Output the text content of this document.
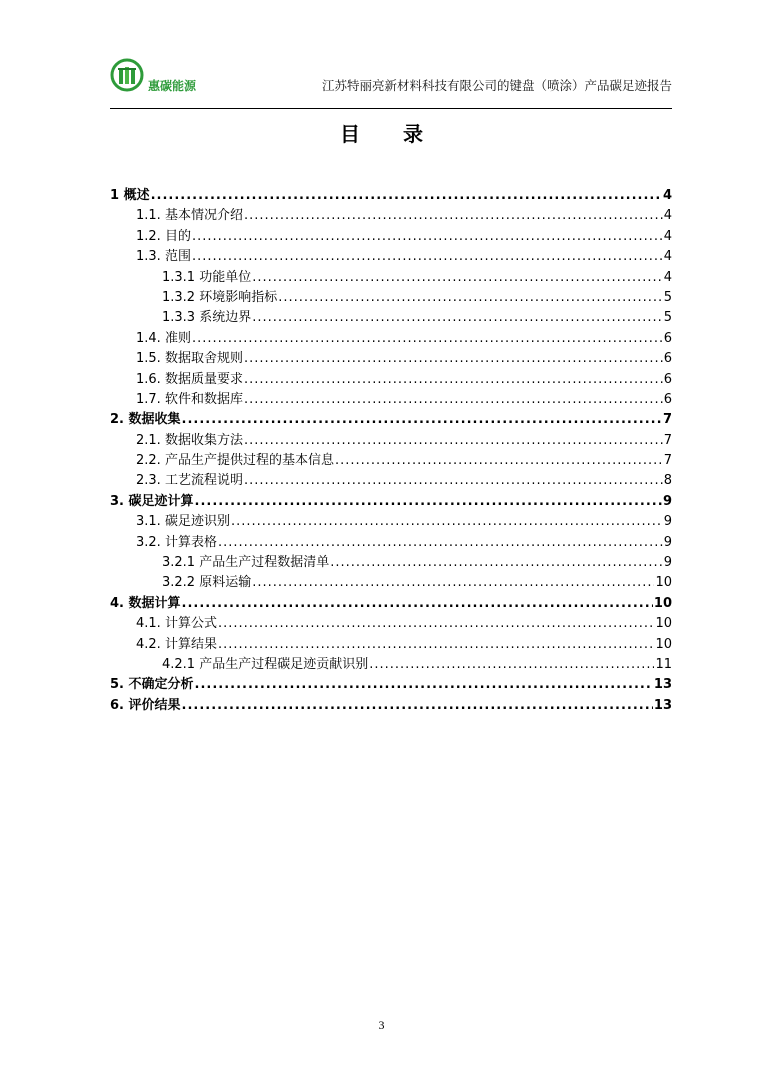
惠碳能源	江苏特丽亮新材料科技有限公司的键盘（喷涂）产品碳足迹报告
目 录
1 概述 .....	4
1.1. 基本情况介绍 .....	4
1.2. 目的 .....	4
1.3. 范围 .....	4
1.3.1 功能单位 .....	4
1.3.2 环境影响指标 .....	5
1.3.3 系统边界 .....	5
1.4. 准则 .....	6
1.5. 数据取舍规则 .....	6
1.6. 数据质量要求 .....	6
1.7. 软件和数据库 .....	6
2. 数据收集 .....	7
2.1. 数据收集方法 .....	7
2.2. 产品生产提供过程的基本信息 .....	7
2.3. 工艺流程说明 .....	8
3. 碳足迹计算 .....	9
3.1. 碳足迹识别 .....	9
3.2. 计算表格 .....	9
3.2.1 产品生产过程数据清单 .....	9
3.2.2 原料运输 .....	10
4. 数据计算 .....	10
4.1. 计算公式 .....	10
4.2. 计算结果 .....	10
4.2.1 产品生产过程碳足迹贡献识别 .....	11
5. 不确定分析 .....	13
6. 评价结果 .....	13
3
